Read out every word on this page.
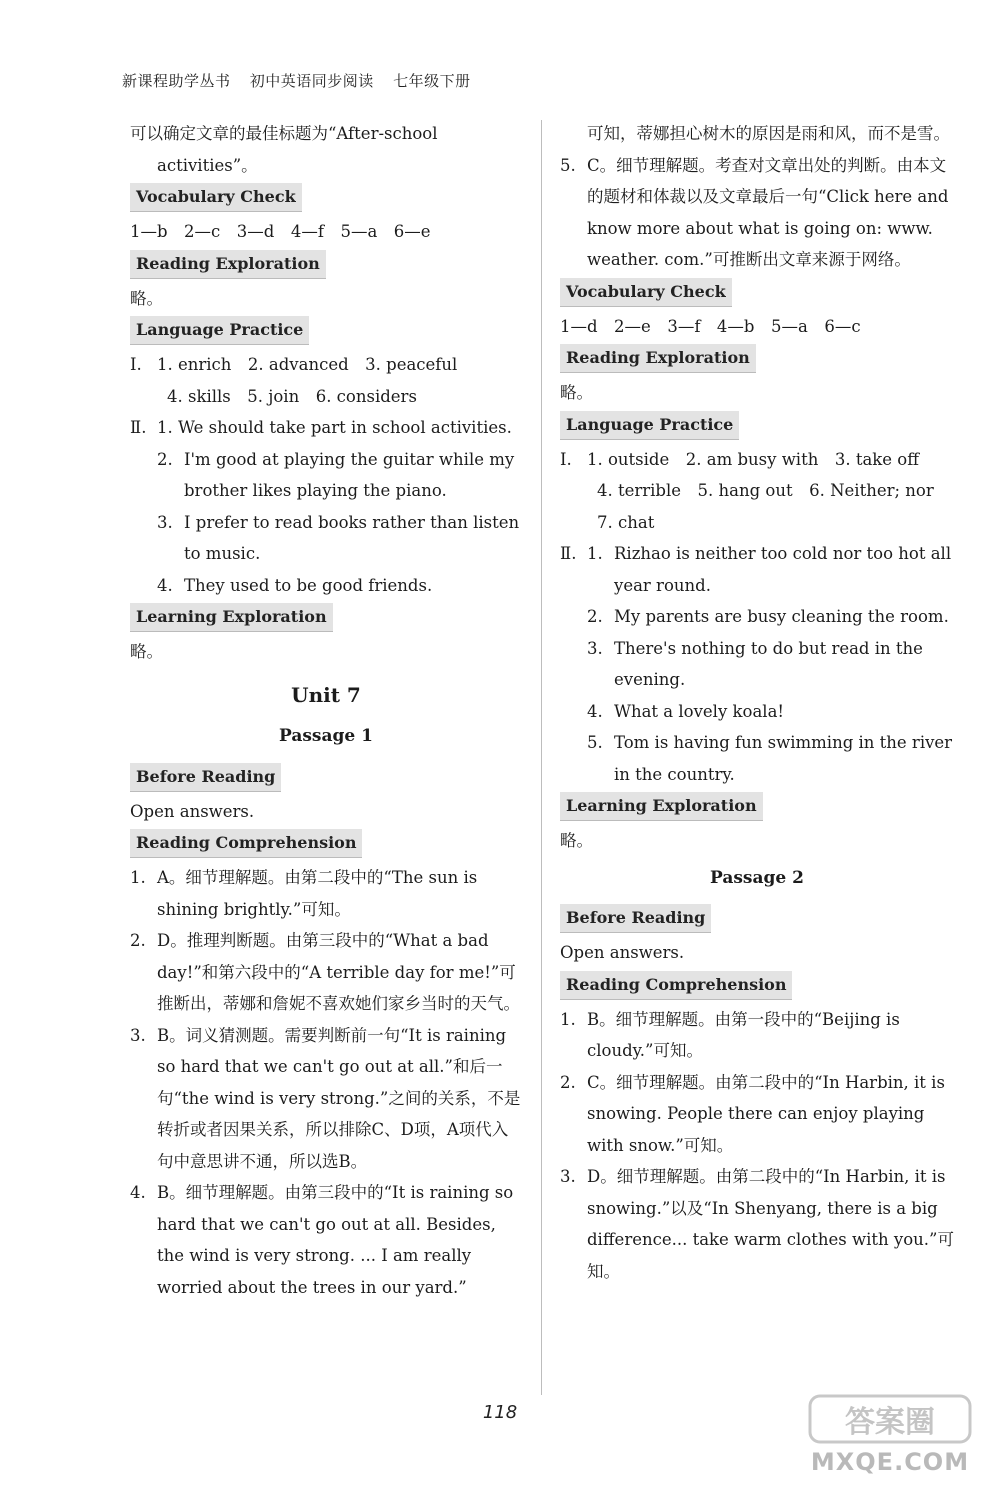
新课程助学丛书 初中英语同步阅读 七年级下册

可以确定文章的最佳标题为“After-school

activities”。

Vocabulary Check

1—b　2—c　3—d　4—f　5—a　6—e

Reading Exploration

略。

Language Practice
Ⅰ. 1. enrich　2. advanced　3. peaceful

4. skills　5. join　6. considers

Ⅱ. 1. We should take part in school activities.
2. I'm good at playing the guitar while my brother likes playing the piano.
3. I prefer to read books rather than listen to music.
4. They used to be good friends.
Learning Exploration

略。

Unit 7
Passage 1
Before Reading

Open answers.

Reading Comprehension
1. A。细节理解题。由第二段中的“The sun is shining brightly.”可知。
2. D。推理判断题。由第三段中的“What a bad day!”和第六段中的“A terrible day for me!”可推断出，蒂娜和詹妮不喜欢她们家乡当时的天气。
3. B。词义猜测题。需要判断前一句“It is raining so hard that we can't go out at all.”和后一句“the wind is very strong.”之间的关系，不是转折或者因果关系，所以排除C、D项，A项代入句中意思讲不通，所以选B。
4. B。细节理解题。由第三段中的“It is raining so hard that we can't go out at all. Besides, the wind is very strong. ... I am really worried about the trees in our yard.”

可知，蒂娜担心树木的原因是雨和风，而不是雪。

5. C。细节理解题。考查对文章出处的判断。由本文的题材和体裁以及文章最后一句“Click here and know more about what is going on: www. weather. com.”可推断出文章来源于网络。
Vocabulary Check

1—d　2—e　3—f　4—b　5—a　6—c

Reading Exploration

略。

Language Practice
Ⅰ. 1. outside　2. am busy with　3. take off

4. terrible　5. hang out　6. Neither; nor

7. chat

Ⅱ. 1. Rizhao is neither too cold nor too hot all year round.
2. My parents are busy cleaning the room.
3. There's nothing to do but read in the evening.
4. What a lovely koala!
5. Tom is having fun swimming in the river in the country.
Learning Exploration

略。

Passage 2
Before Reading

Open answers.

Reading Comprehension
1. B。细节理解题。由第一段中的“Beijing is cloudy.”可知。
2. C。细节理解题。由第二段中的“In Harbin, it is snowing. People there can enjoy playing with snow.”可知。
3. D。细节理解题。由第二段中的“In Harbin, it is snowing.”以及“In Shenyang, there is a big difference... take warm clothes with you.”可知。
118	答案圈
MXQE.COM
